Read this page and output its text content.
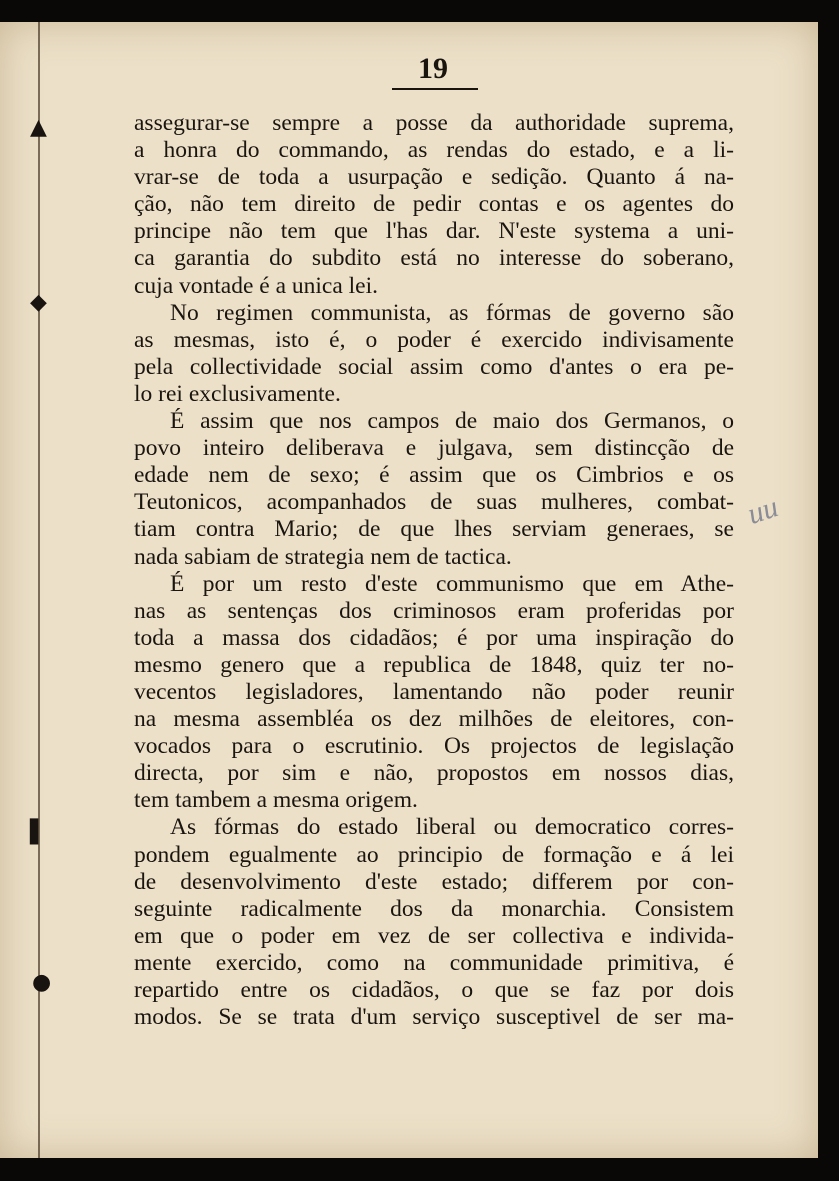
▲
◆
▌
●
19
assegurar-se sempre a posse da authoridade suprema,
a honra do commando, as rendas do estado, e a li-
vrar-se de toda a usurpação e sedição. Quanto á na-
ção, não tem direito de pedir contas e os agentes do
principe não tem que l'has dar. N'este systema a uni-
ca garantia do subdito está no interesse do soberano,
cuja vontade é a unica lei.
No regimen communista, as fórmas de governo são
as mesmas, isto é, o poder é exercido indivisamente
pela collectividade social assim como d'antes o era pe-
lo rei exclusivamente.
É assim que nos campos de maio dos Germanos, o
povo inteiro deliberava e julgava, sem distincção de
edade nem de sexo; é assim que os Cimbrios e os
Teutonicos, acompanhados de suas mulheres, combat-
tiam contra Mario; de que lhes serviam generaes, se
nada sabiam de strategia nem de tactica.
É por um resto d'este communismo que em Athe-
nas as sentenças dos criminosos eram proferidas por
toda a massa dos cidadãos; é por uma inspiração do
mesmo genero que a republica de 1848, quiz ter no-
vecentos legisladores, lamentando não poder reunir
na mesma assembléa os dez milhões de eleitores, con-
vocados para o escrutinio. Os projectos de legislação
directa, por sim e não, propostos em nossos dias,
tem tambem a mesma origem.
As fórmas do estado liberal ou democratico corres-
pondem egualmente ao principio de formação e á lei
de desenvolvimento d'este estado; differem por con-
seguinte radicalmente dos da monarchia. Consistem
em que o poder em vez de ser collectiva e individa-
mente exercido, como na communidade primitiva, é
repartido entre os cidadãos, o que se faz por dois
modos. Se se trata d'um serviço susceptivel de ser ma-
uu
